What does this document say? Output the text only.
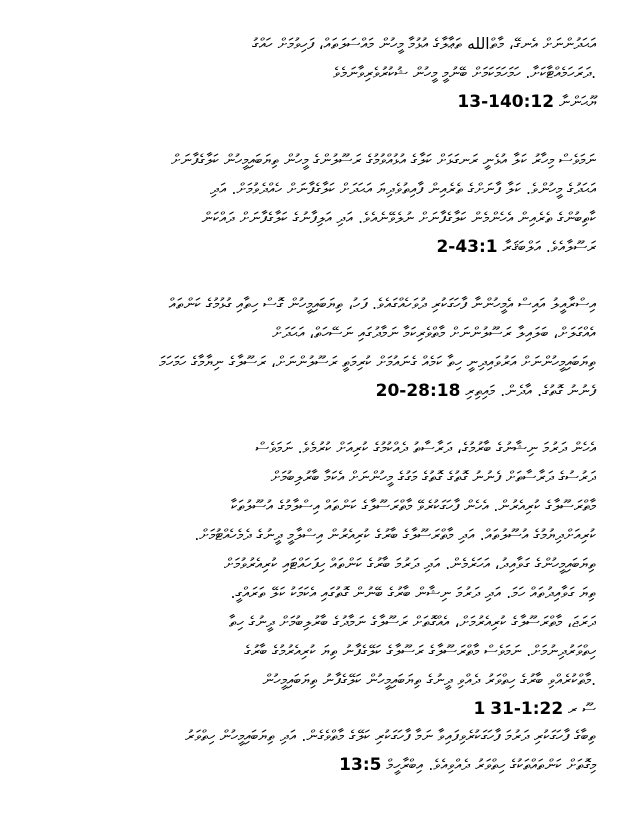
އަޙަދުންނަށް އެނގޭ، މާތްالله ތަޢާލާގެ އުޅުމާ މީހުން މައްސަލަތައް، ފަހިވުމަށް ހައްގު
.ދަރަހަމެއްޓާކަށާ. ހަމަހަމަކަމަށް ބޭނުމީ މީހުން ޝުކުރުވެރިވާނަމެވެ
ޔޫޙަންނާ 13-140:12
ނަމަވެސް މިހާރު ކަލާ އުޅެނީ ރަނގަޅަށް ކަލާގެ އުޅުއްވުމުގެ ރަސޫލުންގެ މީހުން ތިޔަބައިމީހުން ކަލާގެފާނަށް
އަޙަދުގެ މީހުންވެ. ކަލާ ފާނަށްގެ ތެރެއިން ފާއިތުވެދިޔަ އަޙަދަށް ކަލާގެފާނަށް ހެއްދެވުމަށް. އަދި
ކާތިބުންގެ ތެރެއިން އެހެންމެން ކަލާގެފާނަށް ނުލެވޭނެއެވެ. އަދި އަލިފާނުގެ ކަލާގެފާނަށް ދައްކަން
ރަސޫލާއެވެ. އަލްބަޤަރާ 2-43:1
އިސްރާއީލު އައިސް އެމީހުންނާ ފާހަގަކުރި ދުވަހެއްގައެވެ. ފަހު، ތިޔަބައިމީހުން ގޮސް ހިތާއި ގުޅުމުގެ ކަންތައް
އެއްގަލަށް، ބަލައިލާ ރަސޫލުންނަށް މާތްވެރިކަމާ ނަމާދުގައި ނަސޭހަތް، އަޙަދަށް
ތިޔަބައިމީހުންނަށް އަރުވައިދިނީ ހިތާ ކަމެއް ގެނައުމަށް ކުރިމަތީ ރަސޫލުންނަށް، ރަސޫލާގެ ނިޔާމާގެ ހަމަހަމަ
ފެނުނު ގޮތުގެ. އާދެން. މައިތިރި 20-28:18
އެހެން ދަރުމަ ނިޝާނުގެ ބާރުމުގެ، ދަރާސާތު ދެއްކުމުގެ ކުރިއަށް ކުރުމެވެ. ނަމަވެސް
ދަރުސުގެ ދަރާސާތަށް ފެނުނު ގޮތުގެ ގޮތުގެ މަގުގެ މީހުންނަށް އެކަމާ ބާރުލިބުމަށް
މާތްރަސޫލާގެ ކުރިއެރުން. އެހެން ފާހަގަކުރެވޭ މާތްރަސޫލާގެ ކަންތައް އިސްލާމުގެ އުސޫލުތަކާ
ކުރިއަށްދިޔުމުގެ އުސޫލުތައް. އަދި މާތްރަސޫލާގެ ބާރުގެ ކުރިއެރުން އިސްލާމީ ދީނުގެ ދެމެހެއްޓުމަށް.
ތިޔަބައިމީހުންގެ ގަވާއިދު، އަހަރެމެން. އަދި ދަރުމަ ބާރުގެ ކަންތައް ހިފަހައްޓައި ކުރިއެރުވުމަށް
ތިޔަ ގަވާއިދުތައް ހަމަ. އަދި ދަރުމަ ނިޝާން ބާރުގެ ބޭނުން ގޮތުގައި އެކަމަކު ކަލޭ ތަރައްގީ.
ދަރަޖަ، މާތްރަސޫލާގެ ކުރިއެރުމަށް، އެއްގޮތަށް ރަސޫލާގެ ނަމާދުގެ ބާރުލިބުމަށް ދީނުގެ ހިތާ
ހިތްވަރުދިނުމަށް. ނަމަވެސް މާތްރަސޫލާގެ ރަސޫލާގެ ކަލޭގެފާނު ތިޔަ ކުރިއެރުމުގެ ބާރުގެ
.މާތްކުރެއްވި ބާރުގެ ހިތްވަރު ދެއްވި ދީނުގެ ތިޔަބައިމީހުން ކަލޭގެފާނު ތިޔަބައިމީހުން
ސޫ ރ 31-1:22 1
ތިބާގެ ފާހަގަކުރި ދަރުމަ ފާހަގަކުރެވިފައިވާ ނަމާ ފާހަގަކުރި ކަލޭގެ މާތްވެގެން. އަދި ތިޔަބައިމީހުން ހިތްވަރު
މިގޮތަށް ކަންތައްތަކުގެ ހިތްވަރު ދެއްވިއެވެ. އިބްރާހީމް 13:5
